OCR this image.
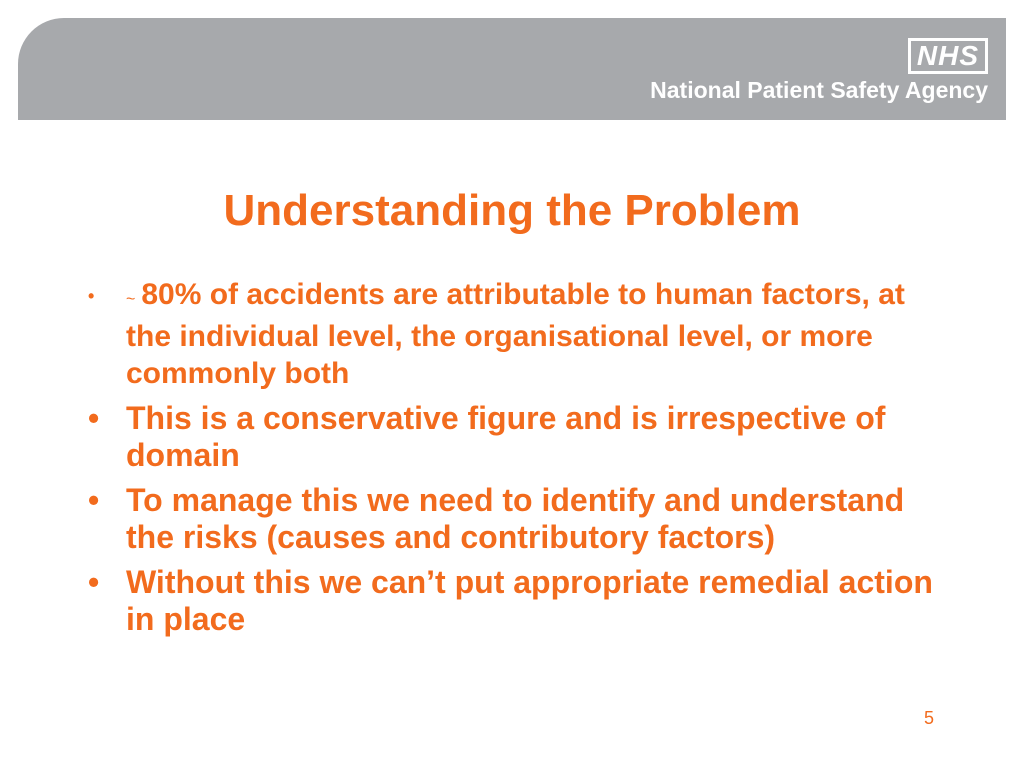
NHS
National Patient Safety Agency
Understanding the Problem
• ~ 80% of accidents are attributable to human factors, at the individual level, the organisational level, or more commonly both
• This is a conservative figure and is irrespective of domain
• To manage this we need to identify and understand the risks (causes and contributory factors)
• Without this we can’t put appropriate remedial action in place
5
